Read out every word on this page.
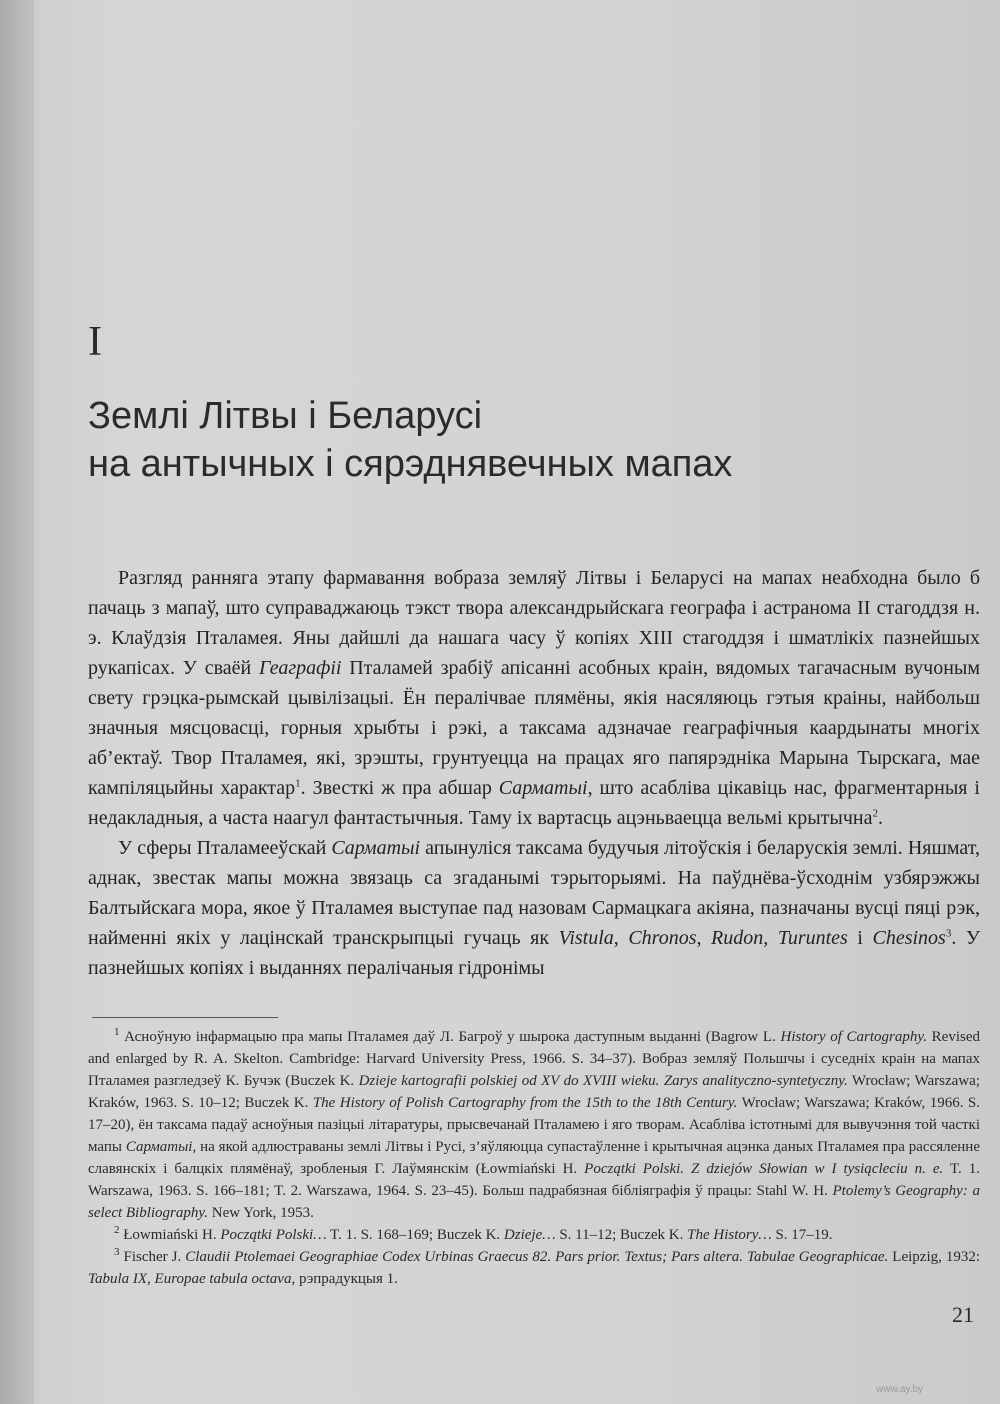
I
Землі Літвы і Беларусі
на антычных і сярэднявечных мапах

Разгляд ранняга этапу фармавання вобраза земляў Літвы і Беларусі на мапах неабходна было б пачаць з мапаў, што суправаджаюць тэкст твора александрыйскага географа і астранома II стагоддзя н. э. Клаўдзія Пталамея. Яны дайшлі да нашага часу ў копіях XIII стагоддзя і шматлікіх пазнейшых рукапісах. У сваёй Геаграфіі Пталамей зрабіў апісанні асобных краін, вядомых тагачасным вучоным свету грэцка-рымскай цывілізацыі. Ён пералічвае плямёны, якія насяляюць гэтыя краіны, найбольш значныя мясцовасці, горныя хрыбты і рэкі, а таксама адзначае геаграфічныя каардынаты многіх аб’ектаў. Твор Пталамея, які, зрэшты, грунтуецца на працах яго папярэдніка Марына Тырскага, мае кампіляцыйны характар$^1$. Звесткі ж пра абшар Сарматыі, што асабліва цікавіць нас, фрагментарныя і недакладныя, а часта наагул фантастычныя. Таму іх вартасць ацэньваецца вельмі крытычна$^2$.

У сферы Пталамееўскай Сарматыі апынуліся таксама будучыя літоўскія і беларускія землі. Няшмат, аднак, звестак мапы можна звязаць са згаданымі тэрыторыямі. На паўднёва-ўсходнім узбярэжжы Балтыйскага мора, якое ў Пталамея выступае пад назовам Сармацкага акіяна, пазначаны вусці пяці рэк, найменні якіх у лацінскай транскрыпцыі гучаць як Vistula, Chronos, Rudon, Turuntes і Chesinos$^3$. У пазнейшых копіях і выданнях пералічаныя гідронімы

$^1$ Асноўную інфармацыю пра мапы Пталамея даў Л. Багроў у шырока даступным выданні (Bagrow L. History of Cartography. Revised and enlarged by R. A. Skelton. Cambridge: Harvard University Press, 1966. S. 34–37). Вобраз земляў Польшчы і суседніх краін на мапах Пталамея разгледзеў К. Бучэк (Buczek K. Dzieje kartografii polskiej od XV do XVIII wieku. Zarys analityczno-syntetyczny. Wrocław; Warszawa; Kraków, 1963. S. 10–12; Buczek K. The History of Polish Cartography from the 15th to the 18th Century. Wrocław; Warszawa; Kraków, 1966. S. 17–20), ён таксама падаў асноўныя пазіцыі літаратуры, прысвечанай Пталамею і яго творам. Асабліва істотнымі для вывучэння той часткі мапы Сарматыі, на якой адлюстраваны землі Літвы і Русі, з’яўляюцца супастаўленне і крытычная ацэнка даных Пталамея пра рассяленне славянскіх і балцкіх плямёнаў, зробленыя Г. Лаўмянскім (Łowmiański H. Początki Polski. Z dziejów Słowian w I tysiącleciu n. e. T. 1. Warszawa, 1963. S. 166–181; T. 2. Warszawa, 1964. S. 23–45). Больш падрабязная бібліяграфія ў працы: Stahl W. H. Ptolemy’s Geography: a select Bibliography. New York, 1953.

$^2$ Łowmiański H. Początki Polski… T. 1. S. 168–169; Buczek K. Dzieje… S. 11–12; Buczek K. The History… S. 17–19.

$^3$ Fischer J. Claudii Ptolemaei Geographiae Codex Urbinas Graecus 82. Pars prior. Textus; Pars altera. Tabulae Geographicae. Leipzig, 1932: Tabula IX, Europae tabula octava, рэпрадукцыя 1.

21
www.ay.by
